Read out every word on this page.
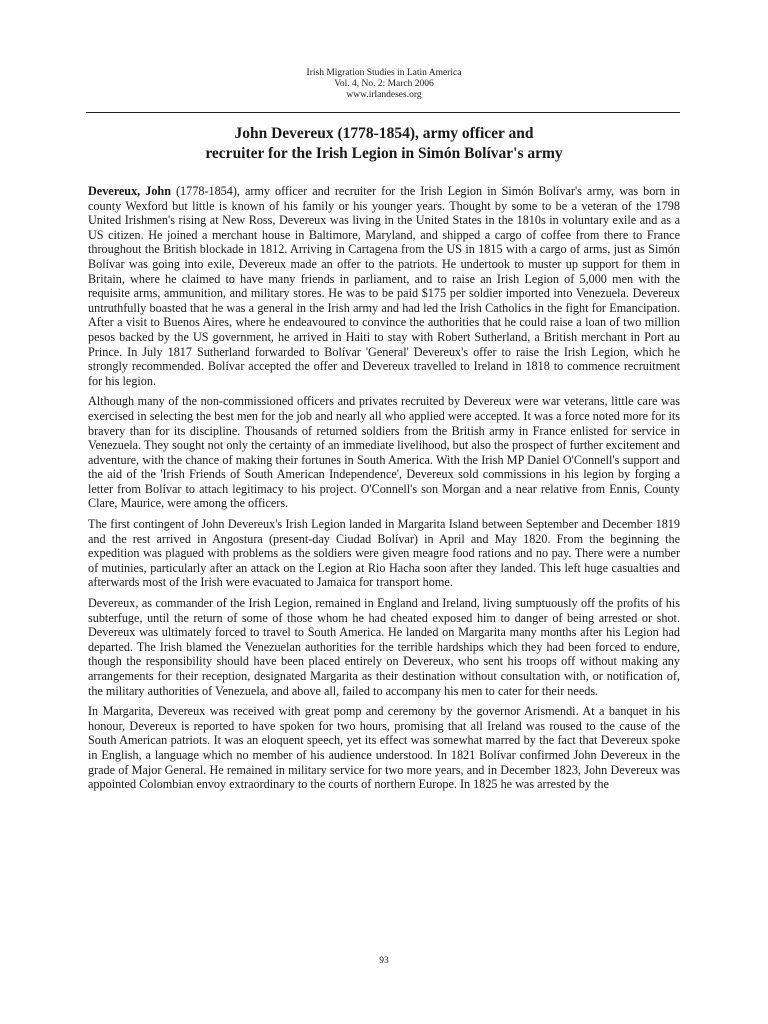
Irish Migration Studies in Latin America
Vol. 4, No. 2: March 2006
www.irlandeses.org
John Devereux (1778-1854), army officer and
recruiter for the Irish Legion in Simón Bolívar's army

Devereux, John (1778-1854), army officer and recruiter for the Irish Legion in Simón Bolívar's army, was born in county Wexford but little is known of his family or his younger years. Thought by some to be a veteran of the 1798 United Irishmen's rising at New Ross, Devereux was living in the United States in the 1810s in voluntary exile and as a US citizen. He joined a merchant house in Baltimore, Maryland, and shipped a cargo of coffee from there to France throughout the British blockade in 1812. Arriving in Cartagena from the US in 1815 with a cargo of arms, just as Simón Bolívar was going into exile, Devereux made an offer to the patriots. He undertook to muster up support for them in Britain, where he claimed to have many friends in parliament, and to raise an Irish Legion of 5,000 men with the requisite arms, ammunition, and military stores. He was to be paid $175 per soldier imported into Venezuela. Devereux untruthfully boasted that he was a general in the Irish army and had led the Irish Catholics in the fight for Emancipation. After a visit to Buenos Aires, where he endeavoured to convince the authorities that he could raise a loan of two million pesos backed by the US government, he arrived in Haiti to stay with Robert Sutherland, a British merchant in Port au Prince. In July 1817 Sutherland forwarded to Bolívar 'General' Devereux's offer to raise the Irish Legion, which he strongly recommended. Bolívar accepted the offer and Devereux travelled to Ireland in 1818 to commence recruitment for his legion.

Although many of the non-commissioned officers and privates recruited by Devereux were war veterans, little care was exercised in selecting the best men for the job and nearly all who applied were accepted. It was a force noted more for its bravery than for its discipline. Thousands of returned soldiers from the British army in France enlisted for service in Venezuela. They sought not only the certainty of an immediate livelihood, but also the prospect of further excitement and adventure, with the chance of making their fortunes in South America. With the Irish MP Daniel O'Connell's support and the aid of the 'Irish Friends of South American Independence', Devereux sold commissions in his legion by forging a letter from Bolívar to attach legitimacy to his project. O'Connell's son Morgan and a near relative from Ennis, County Clare, Maurice, were among the officers.

The first contingent of John Devereux's Irish Legion landed in Margarita Island between September and December 1819 and the rest arrived in Angostura (present-day Ciudad Bolívar) in April and May 1820. From the beginning the expedition was plagued with problems as the soldiers were given meagre food rations and no pay. There were a number of mutinies, particularly after an attack on the Legion at Rio Hacha soon after they landed. This left huge casualties and afterwards most of the Irish were evacuated to Jamaica for transport home.

Devereux, as commander of the Irish Legion, remained in England and Ireland, living sumptuously off the profits of his subterfuge, until the return of some of those whom he had cheated exposed him to danger of being arrested or shot. Devereux was ultimately forced to travel to South America. He landed on Margarita many months after his Legion had departed. The Irish blamed the Venezuelan authorities for the terrible hardships which they had been forced to endure, though the responsibility should have been placed entirely on Devereux, who sent his troops off without making any arrangements for their reception, designated Margarita as their destination without consultation with, or notification of, the military authorities of Venezuela, and above all, failed to accompany his men to cater for their needs.

In Margarita, Devereux was received with great pomp and ceremony by the governor Arismendi. At a banquet in his honour, Devereux is reported to have spoken for two hours, promising that all Ireland was roused to the cause of the South American patriots. It was an eloquent speech, yet its effect was somewhat marred by the fact that Devereux spoke in English, a language which no member of his audience understood. In 1821 Bolívar confirmed John Devereux in the grade of Major General. He remained in military service for two more years, and in December 1823, John Devereux was appointed Colombian envoy extraordinary to the courts of northern Europe. In 1825 he was arrested by the

93
